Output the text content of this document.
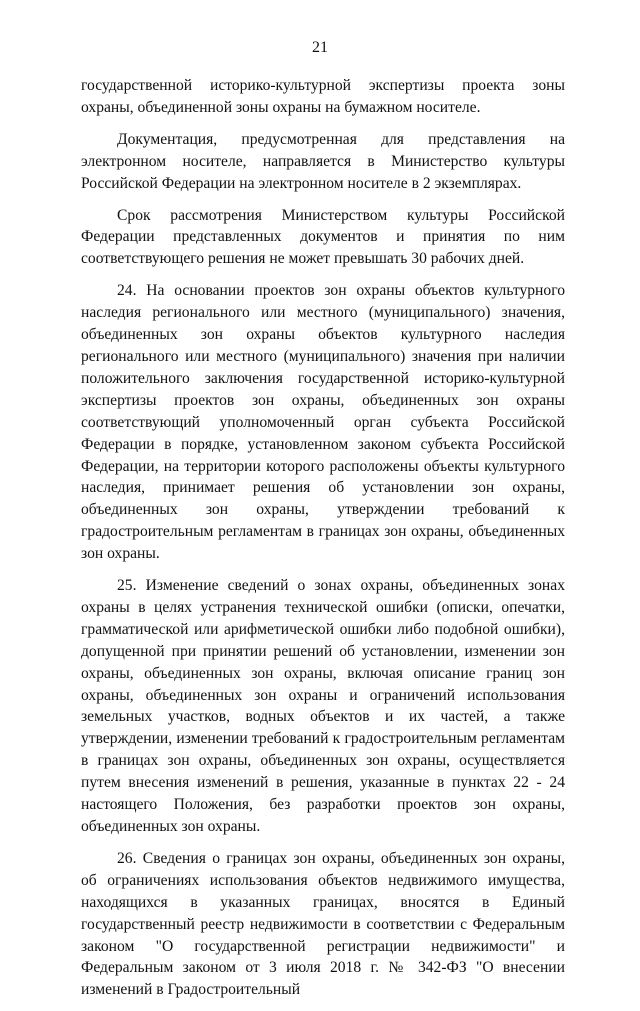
21

государственной историко-культурной экспертизы проекта зоны охраны, объединенной зоны охраны на бумажном носителе.

Документация, предусмотренная для представления на электронном носителе, направляется в Министерство культуры Российской Федерации на электронном носителе в 2 экземплярах.

Срок рассмотрения Министерством культуры Российской Федерации представленных документов и принятия по ним соответствующего решения не может превышать 30 рабочих дней.

24. На основании проектов зон охраны объектов культурного наследия регионального или местного (муниципального) значения, объединенных зон охраны объектов культурного наследия регионального или местного (муниципального) значения при наличии положительного заключения государственной историко-культурной экспертизы проектов зон охраны, объединенных зон охраны соответствующий уполномоченный орган субъекта Российской Федерации в порядке, установленном законом субъекта Российской Федерации, на территории которого расположены объекты культурного наследия, принимает решения об установлении зон охраны, объединенных зон охраны, утверждении требований к градостроительным регламентам в границах зон охраны, объединенных зон охраны.

25. Изменение сведений о зонах охраны, объединенных зонах охраны в целях устранения технической ошибки (описки, опечатки, грамматической или арифметической ошибки либо подобной ошибки), допущенной при принятии решений об установлении, изменении зон охраны, объединенных зон охраны, включая описание границ зон охраны, объединенных зон охраны и ограничений использования земельных участков, водных объектов и их частей, а также утверждении, изменении требований к градостроительным регламентам в границах зон охраны, объединенных зон охраны, осуществляется путем внесения изменений в решения, указанные в пунктах 22 - 24 настоящего Положения, без разработки проектов зон охраны, объединенных зон охраны.

26. Сведения о границах зон охраны, объединенных зон охраны, об ограничениях использования объектов недвижимого имущества, находящихся в указанных границах, вносятся в Единый государственный реестр недвижимости в соответствии с Федеральным законом "О государственной регистрации недвижимости" и Федеральным законом от 3 июля 2018 г. № 342-ФЗ "О внесении изменений в Градостроительный
